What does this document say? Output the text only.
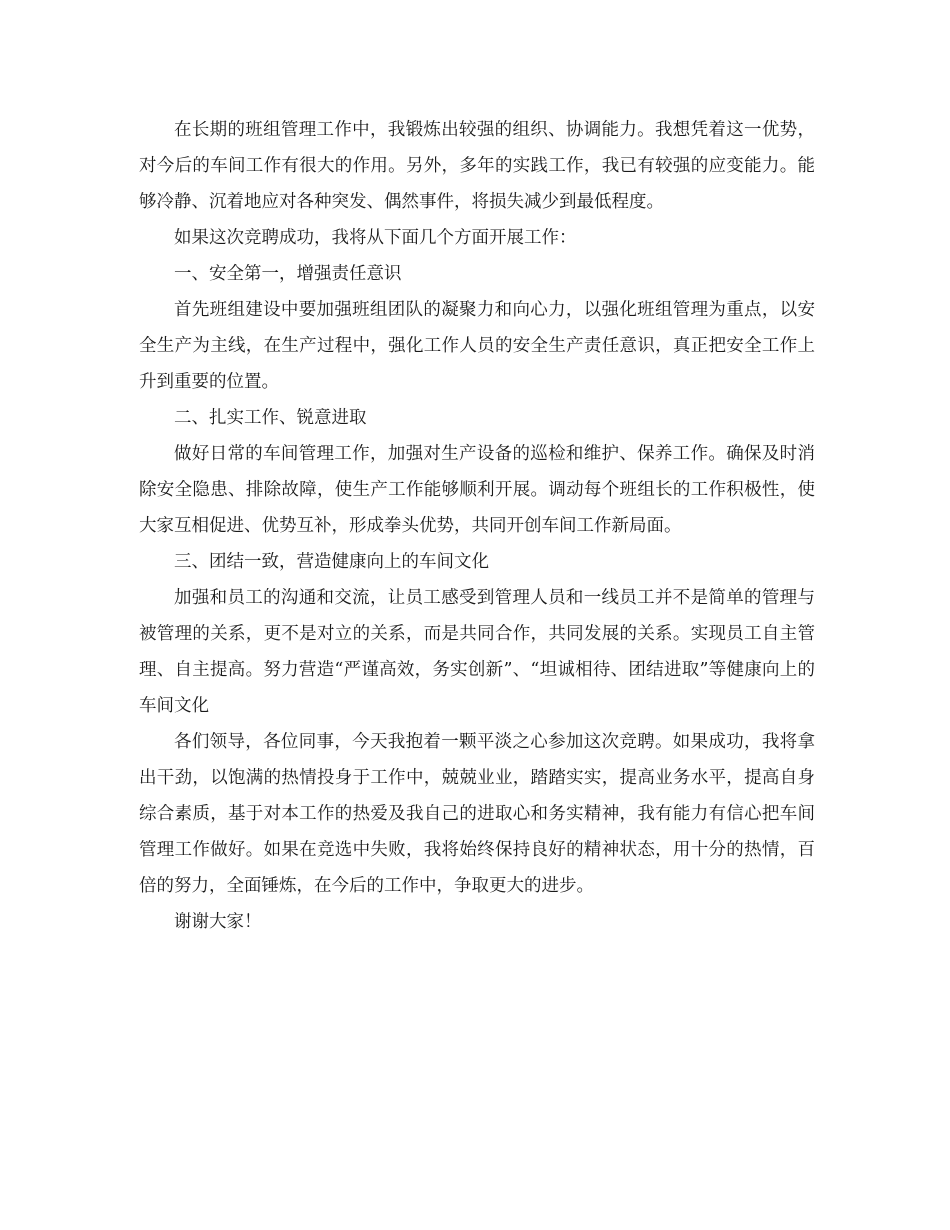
在长期的班组管理工作中，我锻炼出较强的组织、协调能力。我想凭着这一优势，对今后的车间工作有很大的作用。另外，多年的实践工作，我已有较强的应变能力。能够冷静、沉着地应对各种突发、偶然事件，将损失减少到最低程度。

如果这次竞聘成功，我将从下面几个方面开展工作：

一、安全第一，增强责任意识

首先班组建设中要加强班组团队的凝聚力和向心力，以强化班组管理为重点，以安全生产为主线，在生产过程中，强化工作人员的安全生产责任意识，真正把安全工作上升到重要的位置。

二、扎实工作、锐意进取

做好日常的车间管理工作，加强对生产设备的巡检和维护、保养工作。确保及时消除安全隐患、排除故障，使生产工作能够顺利开展。调动每个班组长的工作积极性，使大家互相促进、优势互补，形成拳头优势，共同开创车间工作新局面。

三、团结一致，营造健康向上的车间文化

加强和员工的沟通和交流，让员工感受到管理人员和一线员工并不是简单的管理与被管理的关系，更不是对立的关系，而是共同合作，共同发展的关系。实现员工自主管理、自主提高。努力营造“严谨高效，务实创新”、“坦诚相待、团结进取”等健康向上的车间文化

各们领导，各位同事，今天我抱着一颗平淡之心参加这次竞聘。如果成功，我将拿出干劲，以饱满的热情投身于工作中，兢兢业业，踏踏实实，提高业务水平，提高自身综合素质，基于对本工作的热爱及我自己的进取心和务实精神，我有能力有信心把车间管理工作做好。如果在竞选中失败，我将始终保持良好的精神状态，用十分的热情，百倍的努力，全面锤炼，在今后的工作中，争取更大的进步。

谢谢大家！
